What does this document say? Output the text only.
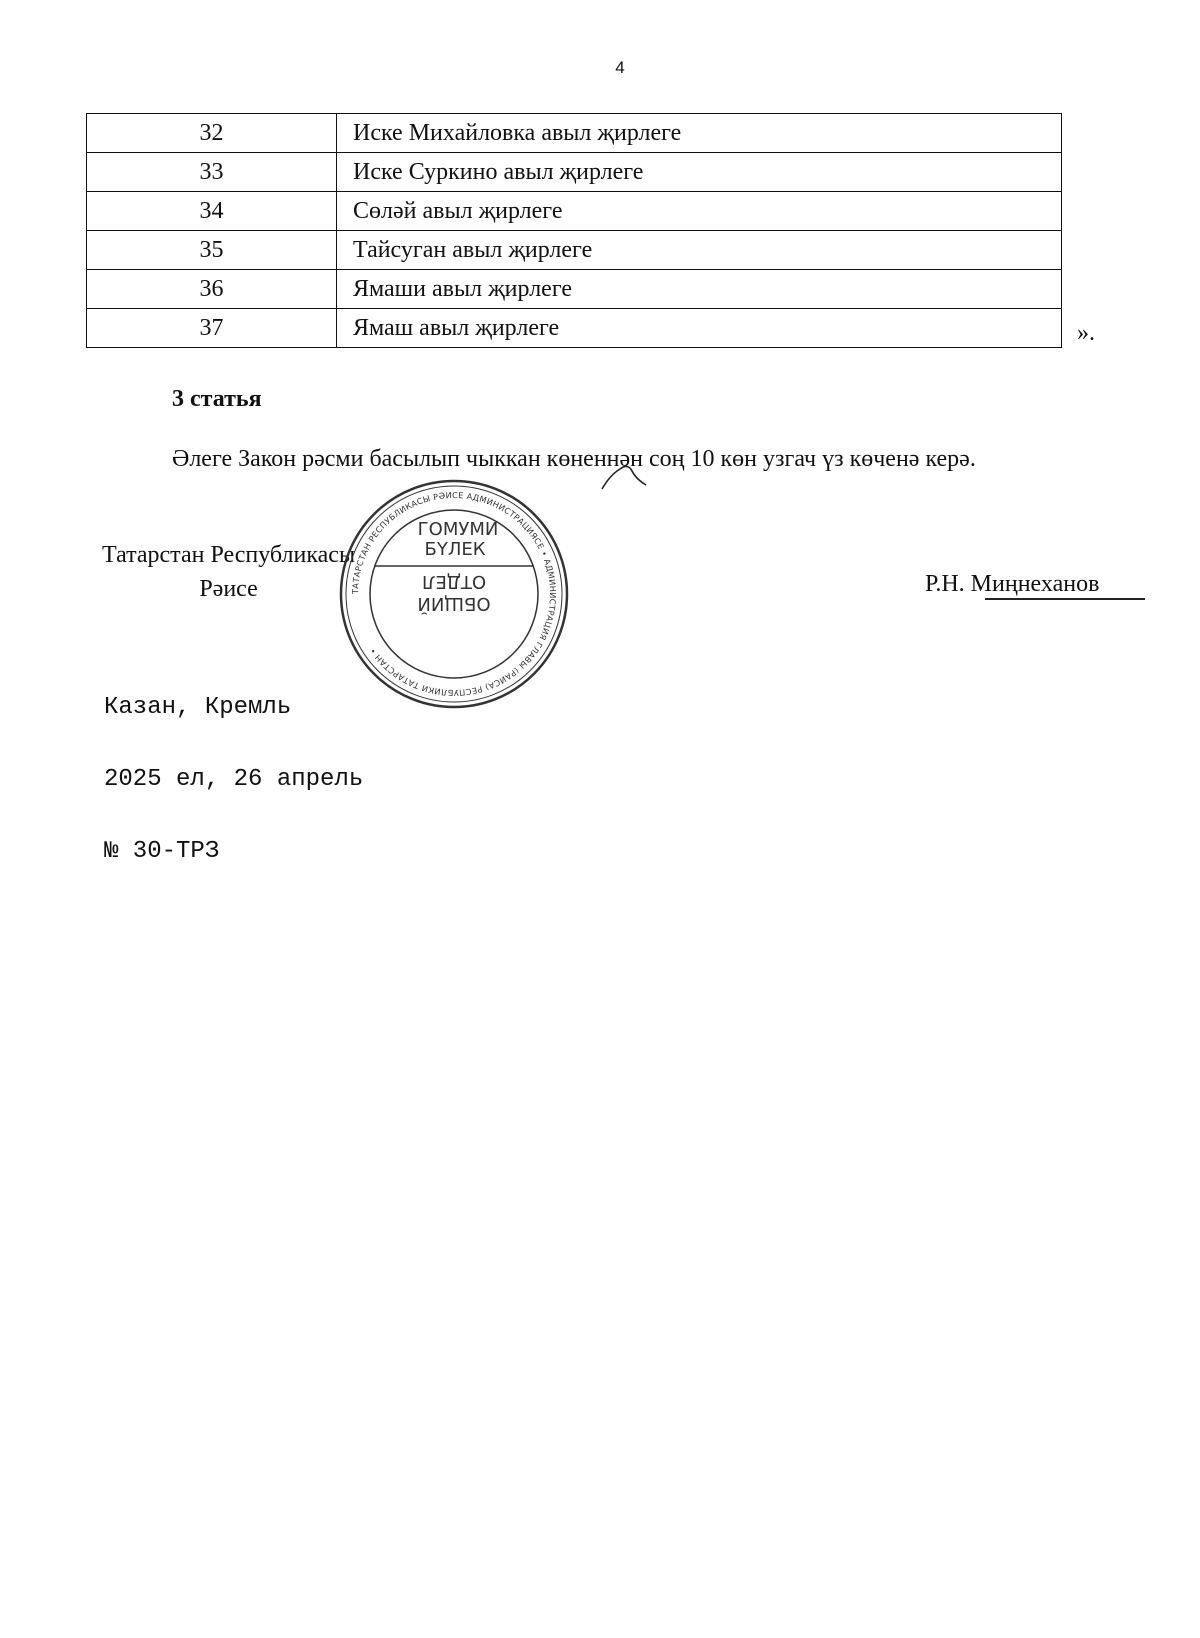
4
32	Иске Михайловка авыл җирлеге
33	Иске Суркино авыл җирлеге
34	Сөләй авыл җирлеге
35	Тайсуган авыл җирлеге
36	Ямаши авыл җирлеге
37	Ямаш авыл җирлеге	».
3 статья
Әлеге Закон рәсми басылып чыккан көненнән соң 10 көн узгач үз көченә керә.
Татарстан Республикасы
Рәисе	ТАТАРСТАН РЕСПУБЛИКАСЫ РӘИСЕ АДМИНИСТРАЦИЯСЕ • АДМИНИСТРАЦИЯ ГЛАВЫ (РАИСА) РЕСПУБЛИКИ ТАТАРСТАН •
ГОМУМИ
БҮЛЕК
ОТДЕЛ
ОБЩИЙ
Р.Н. Миңнеханов

Казан, Кремль

2025 ел, 26 апрель

№ 30-ТРЗ
